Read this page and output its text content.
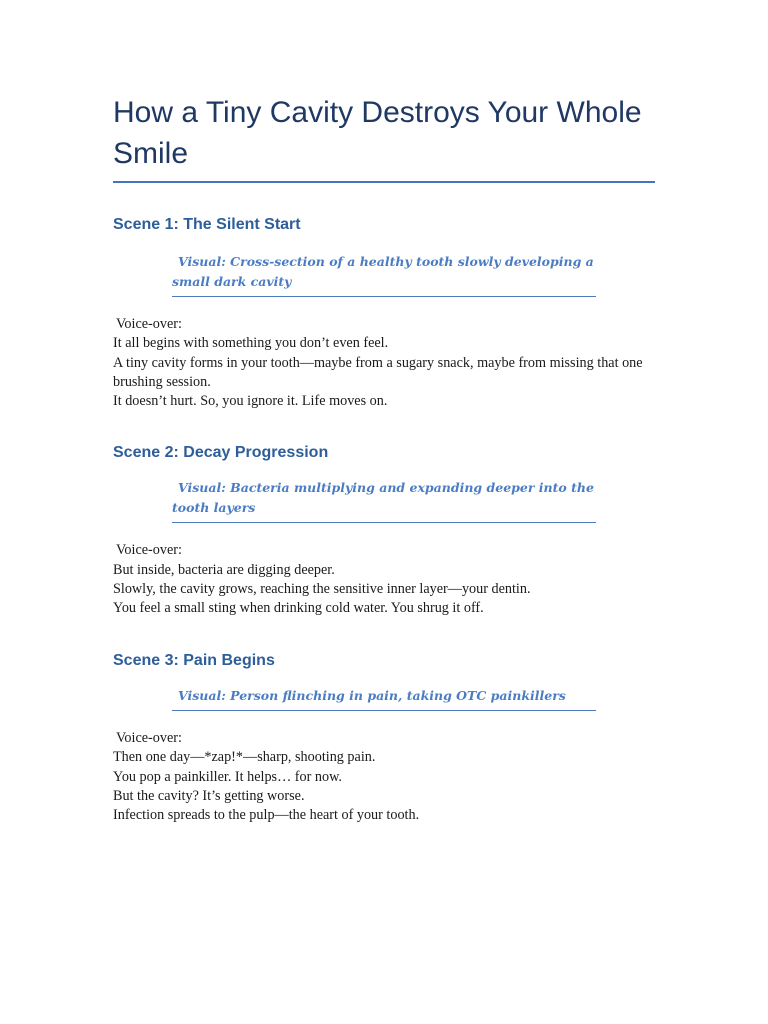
How a Tiny Cavity Destroys Your Whole Smile
Scene 1: The Silent Start
Visual: Cross-section of a healthy tooth slowly developing a small dark cavity
Voice-over:
It all begins with something you don’t even feel.
A tiny cavity forms in your tooth—maybe from a sugary snack, maybe from missing that one brushing session.
It doesn’t hurt. So, you ignore it. Life moves on.
Scene 2: Decay Progression
Visual: Bacteria multiplying and expanding deeper into the tooth layers
Voice-over:
But inside, bacteria are digging deeper.
Slowly, the cavity grows, reaching the sensitive inner layer—your dentin.
You feel a small sting when drinking cold water. You shrug it off.
Scene 3: Pain Begins
Visual: Person flinching in pain, taking OTC painkillers
Voice-over:
Then one day—*zap!*—sharp, shooting pain.
You pop a painkiller. It helps… for now.
But the cavity? It’s getting worse.
Infection spreads to the pulp—the heart of your tooth.
